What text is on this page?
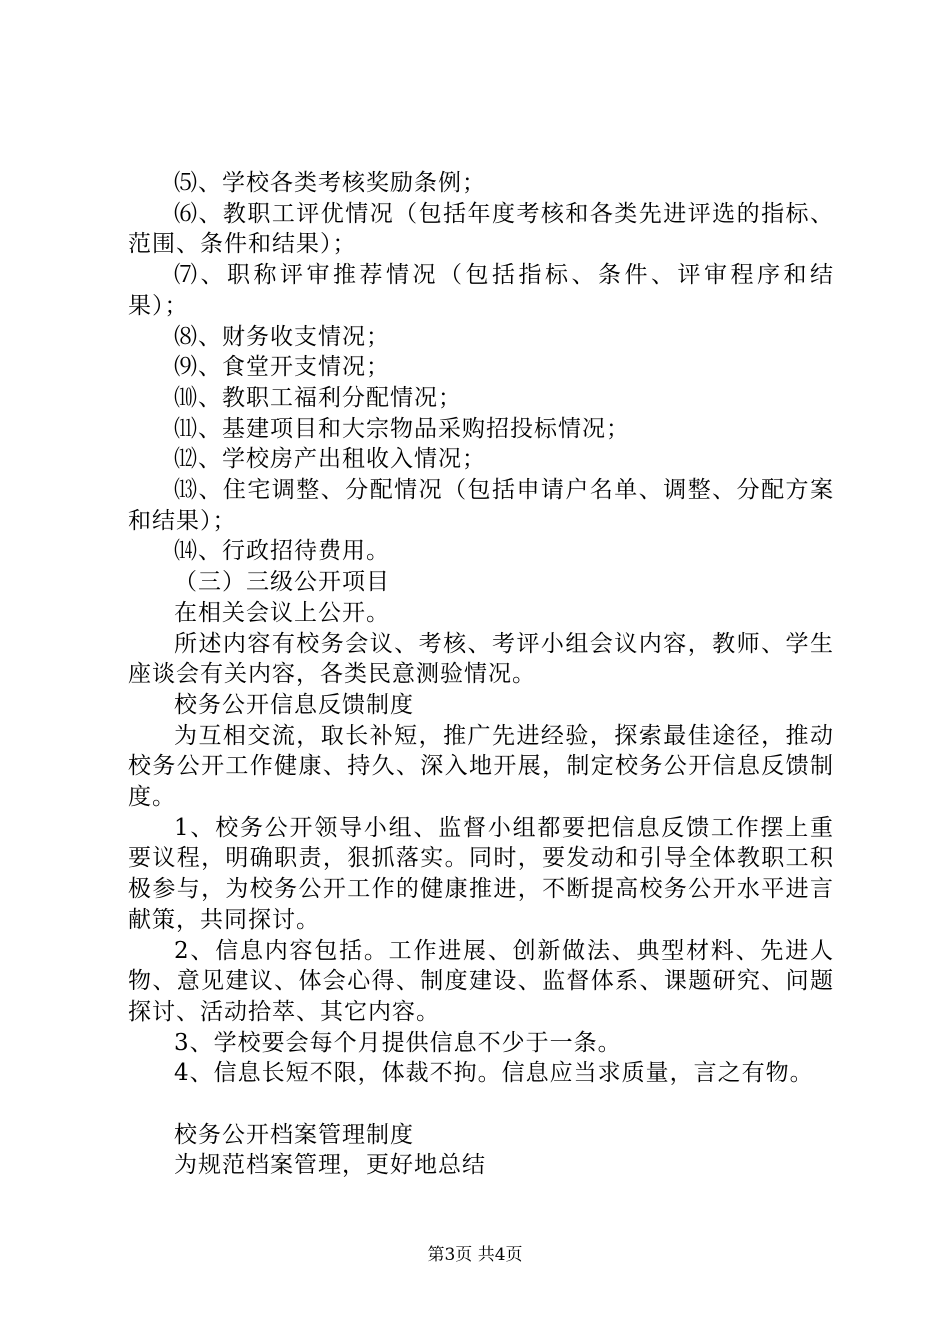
⑸、学校各类考核奖励条例；

⑹、教职工评优情况（包括年度考核和各类先进评选的指标、范围、条件和结果）；

⑺、职称评审推荐情况（包括指标、条件、评审程序和结果）；

⑻、财务收支情况；

⑼、食堂开支情况；

⑽、教职工福利分配情况；

⑾、基建项目和大宗物品采购招投标情况；

⑿、学校房产出租收入情况；

⒀、住宅调整、分配情况（包括申请户名单、调整、分配方案和结果）；

⒁、行政招待费用。

（三）三级公开项目

在相关会议上公开。

所述内容有校务会议、考核、考评小组会议内容，教师、学生座谈会有关内容，各类民意测验情况。

校务公开信息反馈制度

为互相交流，取长补短，推广先进经验，探索最佳途径，推动校务公开工作健康、持久、深入地开展，制定校务公开信息反馈制度。

1、校务公开领导小组、监督小组都要把信息反馈工作摆上重要议程，明确职责，狠抓落实。同时，要发动和引导全体教职工积极参与，为校务公开工作的健康推进，不断提高校务公开水平进言献策，共同探讨。

2、信息内容包括。工作进展、创新做法、典型材料、先进人物、意见建议、体会心得、制度建设、监督体系、课题研究、问题探讨、活动拾萃、其它内容。

3、学校要会每个月提供信息不少于一条。

4、信息长短不限，体裁不拘。信息应当求质量，言之有物。

校务公开档案管理制度

为规范档案管理，更好地总结

第3页 共4页
